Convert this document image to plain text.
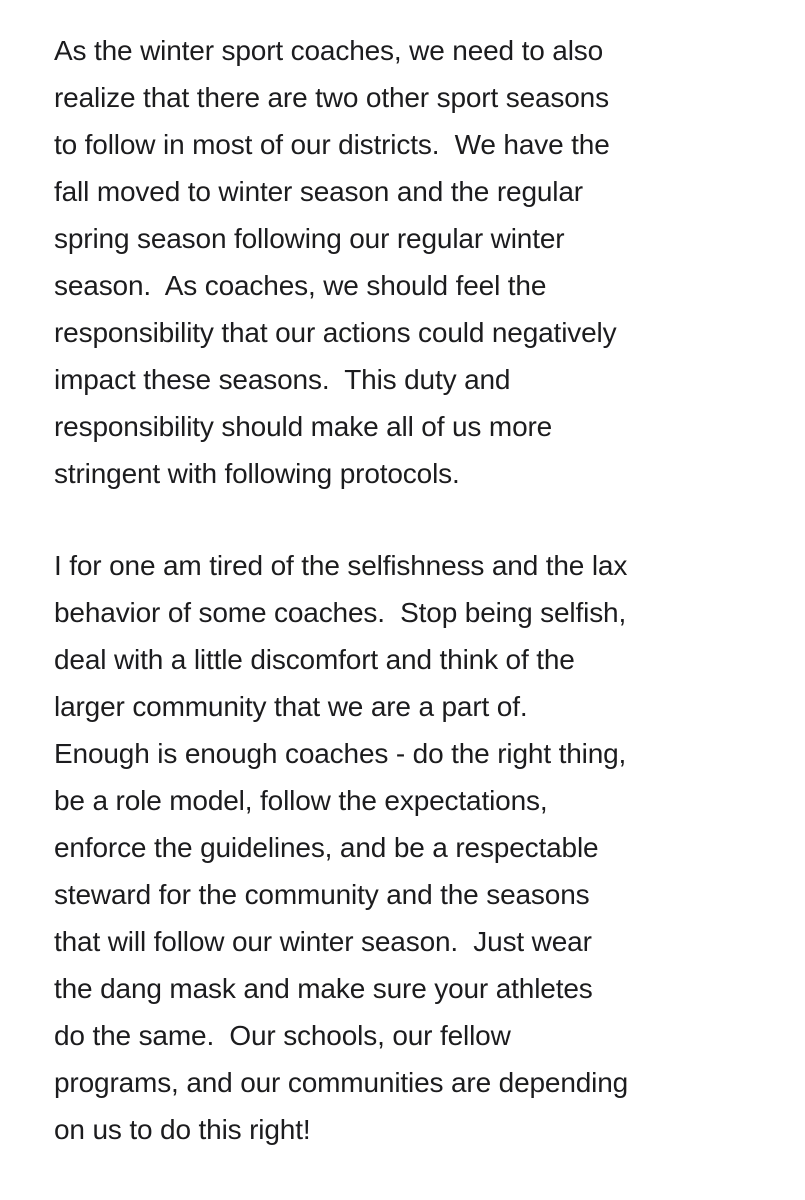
As the winter sport coaches, we need to also
realize that there are two other sport seasons
to follow in most of our districts.  We have the
fall moved to winter season and the regular
spring season following our regular winter
season.  As coaches, we should feel the
responsibility that our actions could negatively
impact these seasons.  This duty and
responsibility should make all of us more
stringent with following protocols.
I for one am tired of the selfishness and the lax
behavior of some coaches.  Stop being selfish,
deal with a little discomfort and think of the
larger community that we are a part of.
Enough is enough coaches - do the right thing,
be a role model, follow the expectations,
enforce the guidelines, and be a respectable
steward for the community and the seasons
that will follow our winter season.  Just wear
the dang mask and make sure your athletes
do the same.  Our schools, our fellow
programs, and our communities are depending
on us to do this right!
